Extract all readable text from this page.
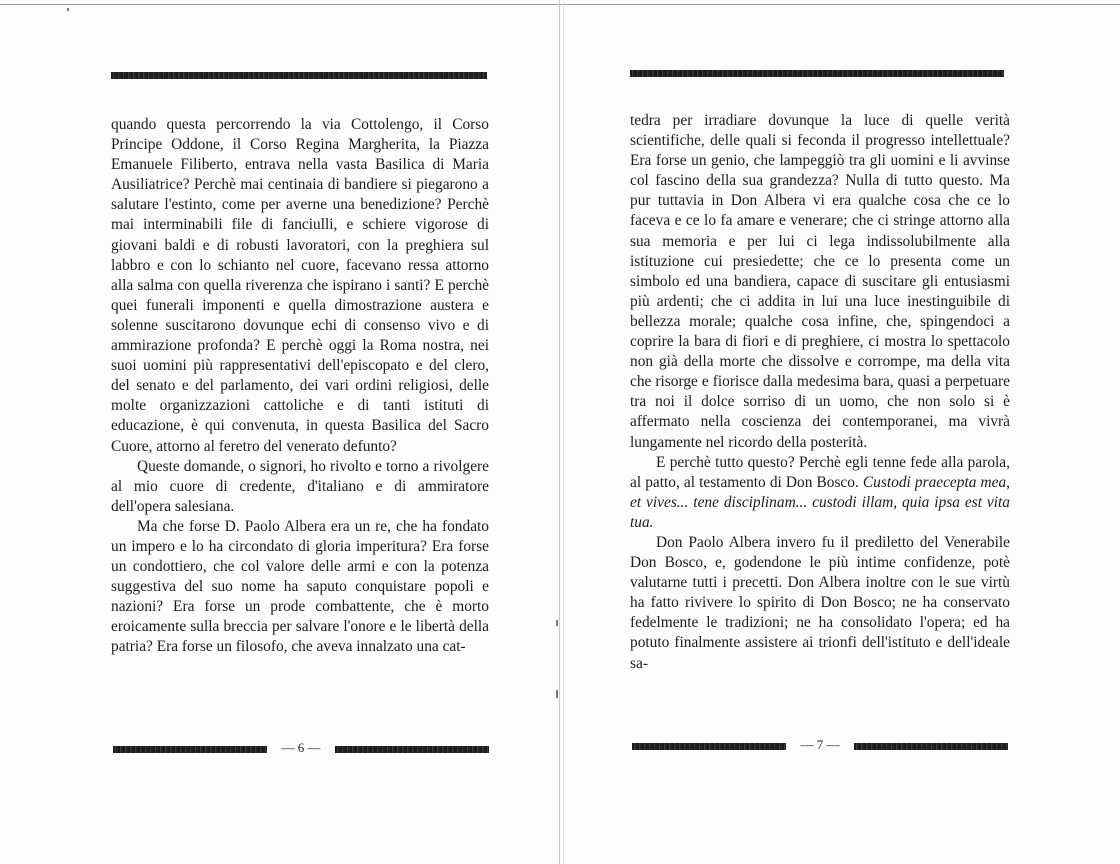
quando questa percorrendo la via Cottolengo, il Corso Principe Oddone, il Corso Regina Margherita, la Piazza Emanuele Filiberto, entrava nella vasta Basilica di Maria Ausiliatrice? Perchè mai centinaia di bandiere si piegarono a salutare l'estinto, come per averne una benedizione? Perchè mai interminabili file di fanciulli, e schiere vigorose di giovani baldi e di robusti lavoratori, con la preghiera sul labbro e con lo schianto nel cuore, facevano ressa attorno alla salma con quella riverenza che ispirano i santi? E perchè quei funerali imponenti e quella dimostrazione austera e solenne suscitarono dovunque echi di consenso vivo e di ammirazione profonda? E perchè oggi la Roma nostra, nei suoi uomini più rappresentativi dell'episcopato e del clero, del senato e del parlamento, dei vari ordini religiosi, delle molte organizzazioni cattoliche e di tanti istituti di educazione, è qui convenuta, in questa Basilica del Sacro Cuore, attorno al feretro del venerato defunto?

Queste domande, o signori, ho rivolto e torno a rivolgere al mio cuore di credente, d'italiano e di ammiratore dell'opera salesiana.

Ma che forse D. Paolo Albera era un re, che ha fondato un impero e lo ha circondato di gloria imperitura? Era forse un condottiero, che col valore delle armi e con la potenza suggestiva del suo nome ha saputo conquistare popoli e nazioni? Era forse un prode combattente, che è morto eroicamente sulla breccia per salvare l'onore e le libertà della patria? Era forse un filosofo, che aveva innalzato una cat-

— 6 —

tedra per irradiare dovunque la luce di quelle verità scientifiche, delle quali si feconda il progresso intellettuale? Era forse un genio, che lampeggiò tra gli uomini e li avvinse col fascino della sua grandezza? Nulla di tutto questo. Ma pur tuttavia in Don Albera vi era qualche cosa che ce lo faceva e ce lo fa amare e venerare; che ci stringe attorno alla sua memoria e per lui ci lega indissolubilmente alla istituzione cui presiedette; che ce lo presenta come un simbolo ed una bandiera, capace di suscitare gli entusiasmi più ardenti; che ci addita in lui una luce inestinguibile di bellezza morale; qualche cosa infine, che, spingendoci a coprire la bara di fiori e di preghiere, ci mostra lo spettacolo non già della morte che dissolve e corrompe, ma della vita che risorge e fiorisce dalla medesima bara, quasi a perpetuare tra noi il dolce sorriso di un uomo, che non solo si è affermato nella coscienza dei contemporanei, ma vivrà lungamente nel ricordo della posterità.

E perchè tutto questo? Perchè egli tenne fede alla parola, al patto, al testamento di Don Bosco. Custodi praecepta mea, et vives... tene disciplinam... custodi illam, quia ipsa est vita tua.

Don Paolo Albera invero fu il prediletto del Venerabile Don Bosco, e, godendone le più intime confidenze, potè valutarne tutti i precetti. Don Albera inoltre con le sue virtù ha fatto rivivere lo spirito di Don Bosco; ne ha conservato fedelmente le tradizioni; ne ha consolidato l'opera; ed ha potuto finalmente assistere ai trionfi dell'istituto e dell'ideale sa-

— 7 —
